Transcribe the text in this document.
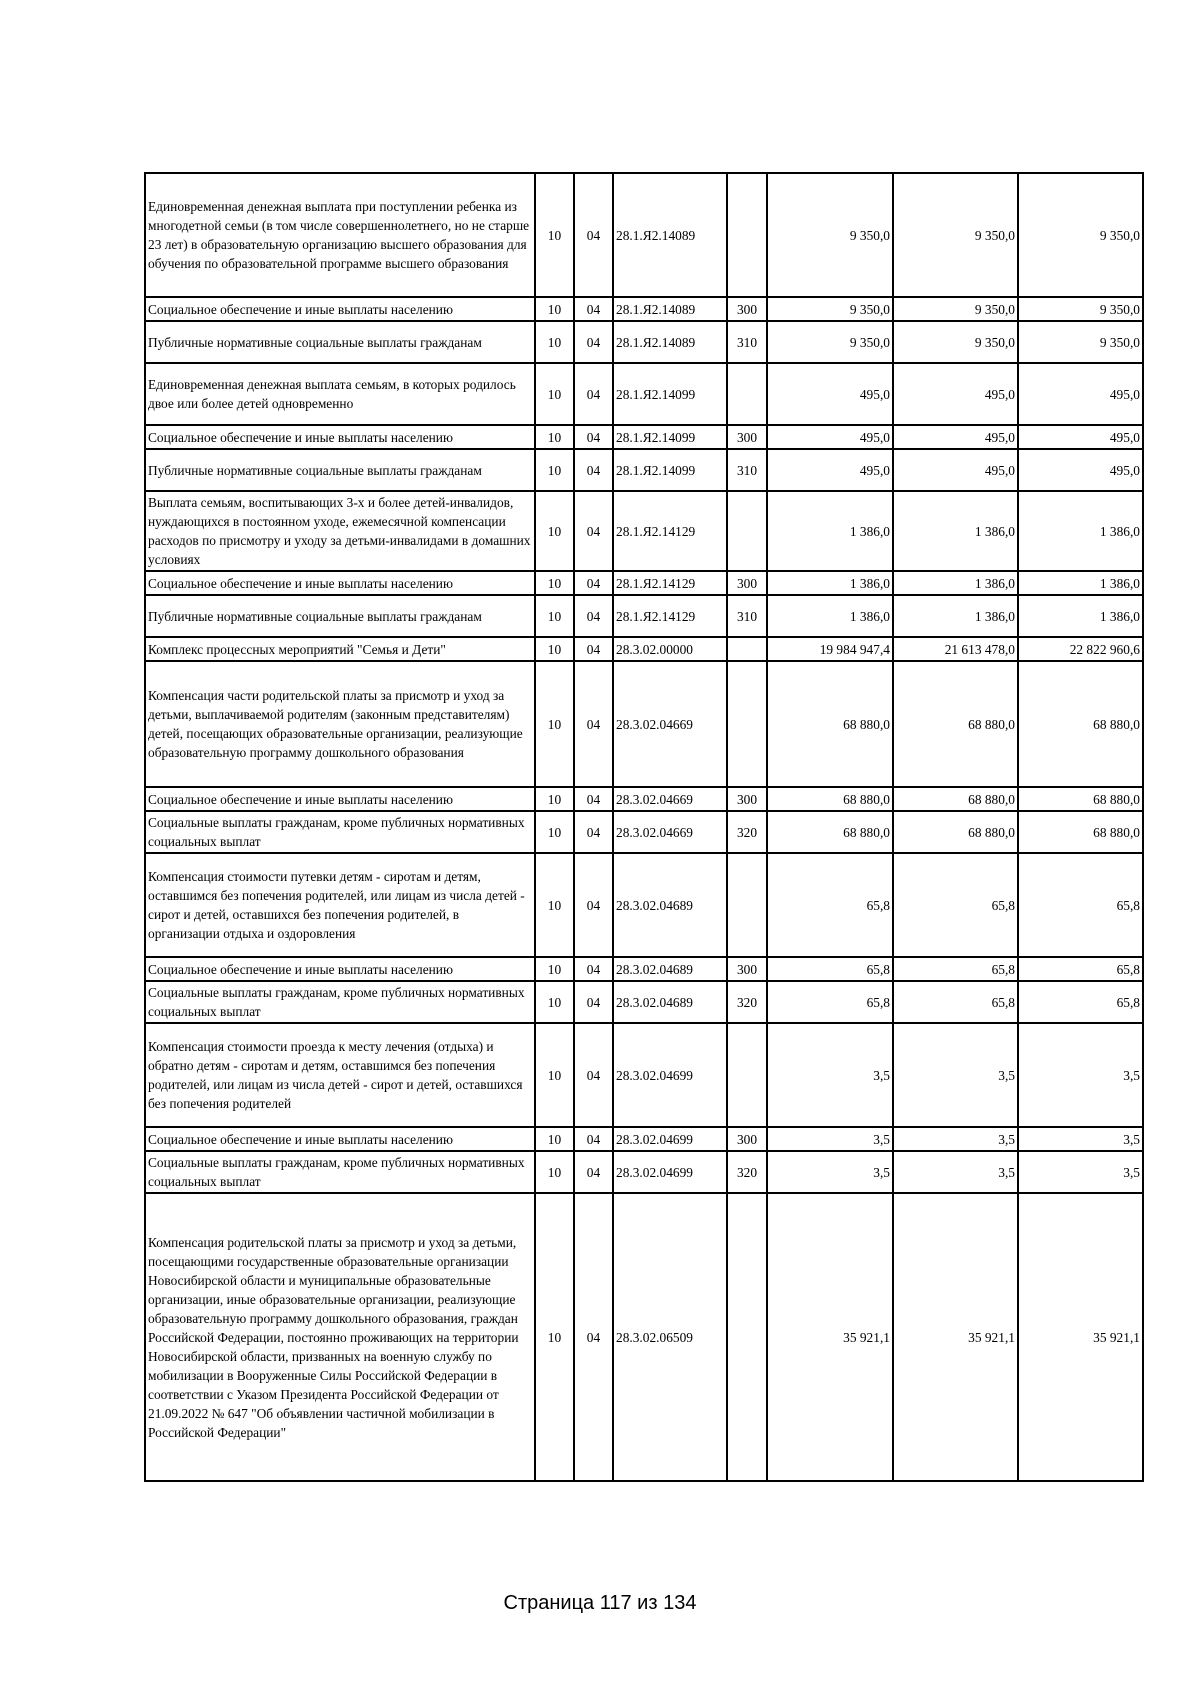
Единовременная денежная выплата при поступлении ребенка из многодетной семьи (в том числе совершеннолетнего, но не старше 23 лет) в образовательную организацию высшего образования для обучения по образовательной программе высшего образования	10	04	28.1.Я2.14089		9 350,0	9 350,0	9 350,0
Социальное обеспечение и иные выплаты населению	10	04	28.1.Я2.14089	300	9 350,0	9 350,0	9 350,0
Публичные нормативные социальные выплаты гражданам	10	04	28.1.Я2.14089	310	9 350,0	9 350,0	9 350,0
Единовременная денежная выплата семьям, в которых родилось двое или более детей одновременно	10	04	28.1.Я2.14099		495,0	495,0	495,0
Социальное обеспечение и иные выплаты населению	10	04	28.1.Я2.14099	300	495,0	495,0	495,0
Публичные нормативные социальные выплаты гражданам	10	04	28.1.Я2.14099	310	495,0	495,0	495,0
Выплата семьям, воспитывающих 3-х и более детей-инвалидов, нуждающихся в постоянном уходе, ежемесячной компенсации расходов по присмотру и уходу за детьми-инвалидами в домашних условиях	10	04	28.1.Я2.14129		1 386,0	1 386,0	1 386,0
Социальное обеспечение и иные выплаты населению	10	04	28.1.Я2.14129	300	1 386,0	1 386,0	1 386,0
Публичные нормативные социальные выплаты гражданам	10	04	28.1.Я2.14129	310	1 386,0	1 386,0	1 386,0
Комплекс процессных мероприятий "Семья и Дети"	10	04	28.3.02.00000		19 984 947,4	21 613 478,0	22 822 960,6
Компенсация части родительской платы за присмотр и уход за детьми, выплачиваемой родителям (законным представителям) детей, посещающих образовательные организации, реализующие образовательную программу дошкольного образования	10	04	28.3.02.04669		68 880,0	68 880,0	68 880,0
Социальное обеспечение и иные выплаты населению	10	04	28.3.02.04669	300	68 880,0	68 880,0	68 880,0
Социальные выплаты гражданам, кроме публичных нормативных социальных выплат	10	04	28.3.02.04669	320	68 880,0	68 880,0	68 880,0
Компенсация стоимости путевки детям - сиротам и детям, оставшимся без попечения родителей, или лицам из числа детей - сирот и детей, оставшихся без попечения родителей, в организации отдыха и оздоровления	10	04	28.3.02.04689		65,8	65,8	65,8
Социальное обеспечение и иные выплаты населению	10	04	28.3.02.04689	300	65,8	65,8	65,8
Социальные выплаты гражданам, кроме публичных нормативных социальных выплат	10	04	28.3.02.04689	320	65,8	65,8	65,8
Компенсация стоимости проезда к месту лечения (отдыха) и обратно детям - сиротам и детям, оставшимся без попечения родителей, или лицам из числа детей - сирот и детей, оставшихся без попечения родителей	10	04	28.3.02.04699		3,5	3,5	3,5
Социальное обеспечение и иные выплаты населению	10	04	28.3.02.04699	300	3,5	3,5	3,5
Социальные выплаты гражданам, кроме публичных нормативных социальных выплат	10	04	28.3.02.04699	320	3,5	3,5	3,5
Компенсация родительской платы за присмотр и уход за детьми, посещающими государственные образовательные организации Новосибирской области и муниципальные образовательные организации, иные образовательные организации, реализующие образовательную программу дошкольного образования, граждан Российской Федерации, постоянно проживающих на территории Новосибирской области, призванных на военную службу по мобилизации в Вооруженные Силы Российской Федерации в соответствии с Указом Президента Российской Федерации от 21.09.2022 № 647 "Об объявлении частичной мобилизации в Российской Федерации"	10	04	28.3.02.06509		35 921,1	35 921,1	35 921,1
Страница 117 из 134
